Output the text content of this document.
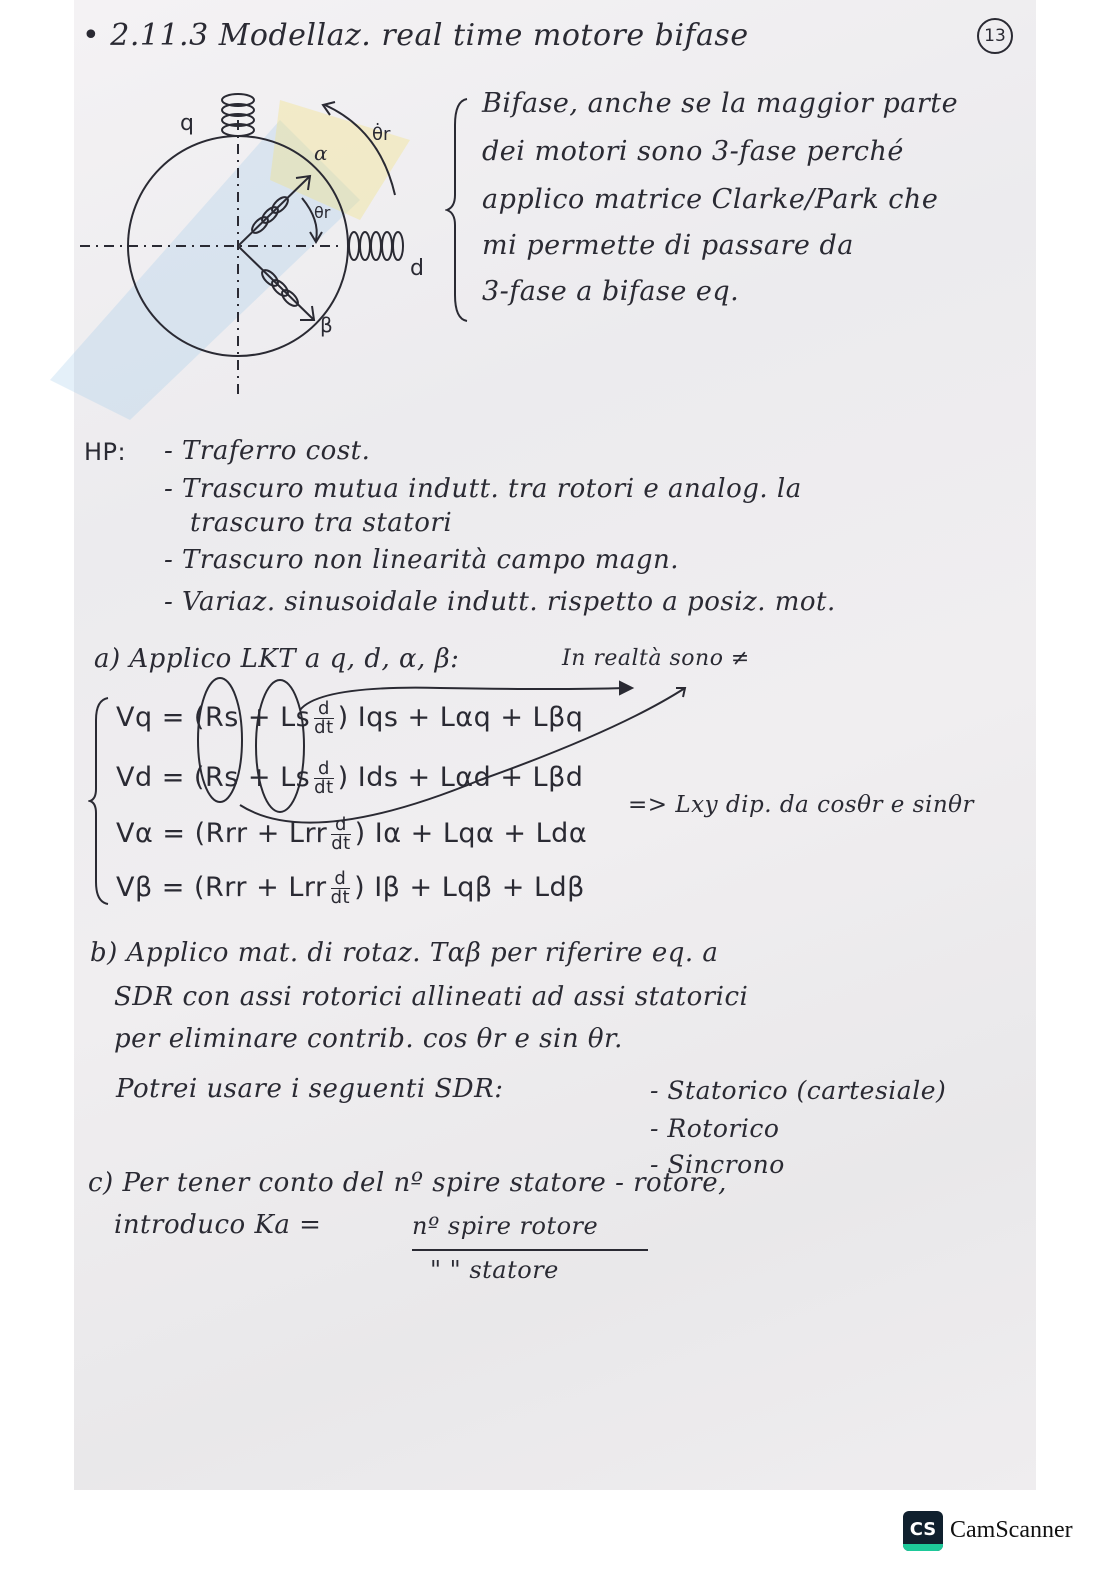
• 2.11.3 Modellaz. real time motore bifase	13
q
d
α
β
θr
θ̇r
Bifase, anche se la maggior parte
dei motori sono 3-fase perché
applico matrice Clarke/Park che
mi permette di passare da
3-fase a bifase eq.
HP: - Traferro cost.
- Trascuro mutua indutt. tra rotori e analog. la
trascuro tra statori
- Trascuro non linearità campo magn.
- Variaz. sinusoidale indutt. rispetto a posiz. mot.
a) Applico LKT a q, d, α, β:	In realtà sono ≠
Vq = (Rs + Ls $\frac{d}{dt}$ ) Iqs + Lαq + Lβq
Vd = (Rs + Ls $\frac{d}{dt}$ ) Ids + Lαd + Lβd
Vα = (Rrr + Lrr $\frac{d}{dt}$ ) Iα + Lqα + Ldα
Vβ = (Rrr + Lrr $\frac{d}{dt}$ ) Iβ + Lqβ + Ldβ
=> Lxy dip. da cosθr e sinθr
b) Applico mat. di rotaz. Tαβ per riferire eq. a
SDR con assi rotorici allineati ad assi statorici
per eliminare contrib. cos θr e sin θr.
Potrei usare i seguenti SDR:	- Statorico (cartesiale)
- Rotorico
- Sincrono
c) Per tener conto del nº spire statore - rotore,
introduco Ka =	nº spire rotore
" " statore
CS CamScanner
